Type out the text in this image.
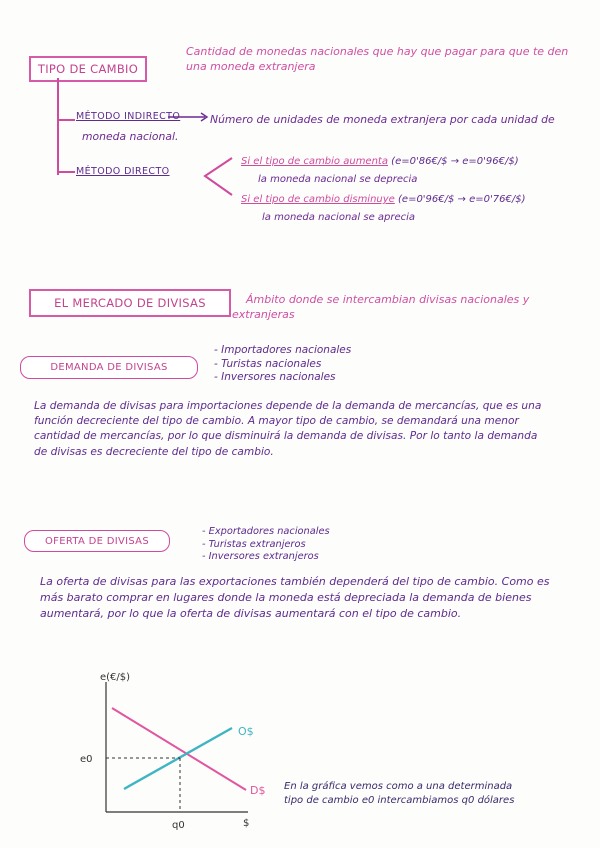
TIPO DE CAMBIO
Cantidad de monedas nacionales que hay que pagar para que te den una moneda extranjera
MÉTODO INDIRECTO	Número de unidades de moneda extranjera por cada unidad de moneda nacional.
MÉTODO DIRECTO
Si el tipo de cambio aumenta (e=0'86€/$ → e=0'96€/$)
la moneda nacional se deprecia
Si el tipo de cambio disminuye (e=0'96€/$ → e=0'76€/$)
la moneda nacional se aprecia
EL MERCADO DE DIVISAS	Ámbito donde se intercambian divisas nacionales y extranjeras
DEMANDA DE DIVISAS
- Importadores nacionales
- Turistas nacionales
- Inversores nacionales
La demanda de divisas para importaciones depende de la demanda de mercancías, que es una función decreciente del tipo de cambio. A mayor tipo de cambio, se demandará una menor cantidad de mercancías, por lo que disminuirá la demanda de divisas. Por lo tanto la demanda de divisas es decreciente del tipo de cambio.
OFERTA DE DIVISAS
- Exportadores nacionales
- Turistas extranjeros
- Inversores extranjeros
La oferta de divisas para las exportaciones también dependerá del tipo de cambio. Como es más barato comprar en lugares donde la moneda está depreciada la demanda de bienes aumentará, por lo que la oferta de divisas aumentará con el tipo de cambio.
e(€/$)
$
O$
D$
e0
q0
En la gráfica vemos como a una determinada tipo de cambio e0 intercambiamos q0 dólares
